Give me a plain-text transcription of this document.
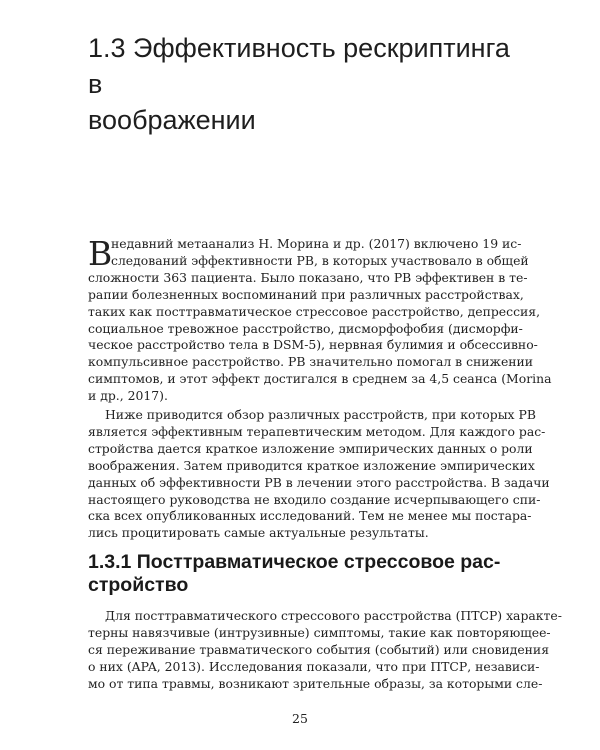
1.3 Эффективность рескриптинга в
воображении
В
недавний метаанализ Н. Морина и др. (2017) включено 19 ис-
следований эффективности РВ, в которых участвовало в общей
сложности 363 пациента. Было показано, что РВ эффективен в те-
рапии болезненных воспоминаний при различных расстройствах,
таких как посттравматическое стрессовое расстройство, депрессия,
социальное тревожное расстройство, дисморфофобия (дисморфи-
ческое расстройство тела в DSM-5), нервная булимия и обсессивно-
компульсивное расстройство. РВ значительно помогал в снижении
симптомов, и этот эффект достигался в среднем за 4,5 сеанса (Morina
и др., 2017).
Ниже приводится обзор различных расстройств, при которых РВ
является эффективным терапевтическим методом. Для каждого рас-
стройства дается краткое изложение эмпирических данных о роли
воображения. Затем приводится краткое изложение эмпирических
данных об эффективности РВ в лечении этого расстройства. В задачи
настоящего руководства не входило создание исчерпывающего спи-
ска всех опубликованных исследований. Тем не менее мы постара-
лись процитировать самые актуальные результаты.
1.3.1 Посттравматическое стрессовое рас-
стройство
Для посттравматического стрессового расстройства (ПТСР) характе-
терны навязчивые (интрузивные) симптомы, такие как повторяющее-
ся переживание травматического события (событий) или сновидения
о них (APA, 2013). Исследования показали, что при ПТСР, независи-
мо от типа травмы, возникают зрительные образы, за которыми сле-
25
